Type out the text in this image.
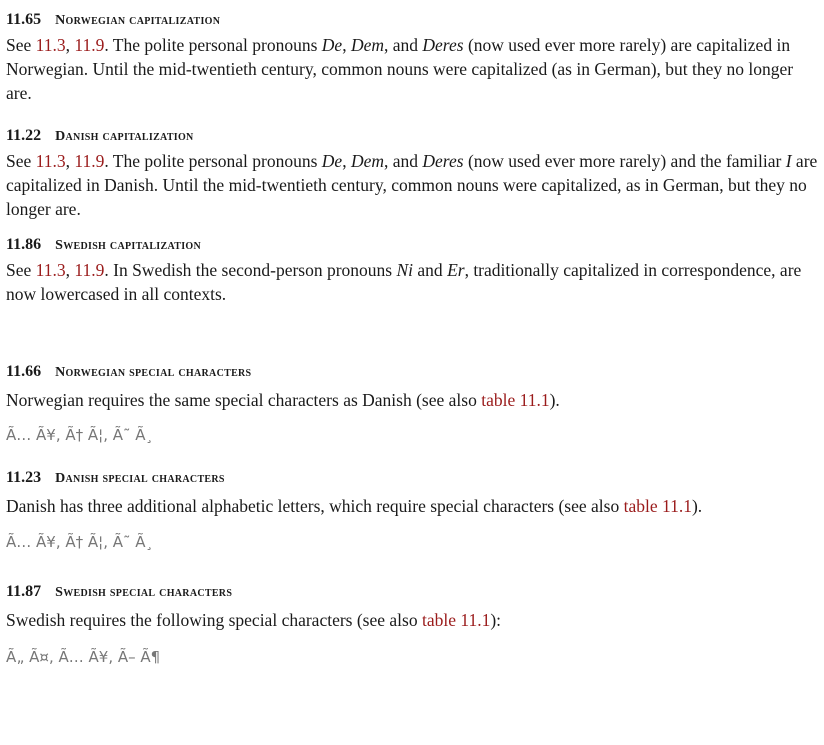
11.65 Norwegian capitalization
See 11.3, 11.9. The polite personal pronouns De, Dem, and Deres (now used ever more rarely) are capitalized in Norwegian. Until the mid-twentieth century, common nouns were capitalized (as in German), but they no longer are.
11.22 Danish capitalization
See 11.3, 11.9. The polite personal pronouns De, Dem, and Deres (now used ever more rarely) and the familiar I are capitalized in Danish. Until the mid-twentieth century, common nouns were capitalized, as in German, but they no longer are.
11.86 Swedish capitalization
See 11.3, 11.9. In Swedish the second-person pronouns Ni and Er, traditionally capitalized in correspondence, are now lowercased in all contexts.
11.66 Norwegian special characters
Norwegian requires the same special characters as Danish (see also table 11.1).
Ã… Ã¥, Ã† Ã¦, Ã˜ Ã¸
11.23 Danish special characters
Danish has three additional alphabetic letters, which require special characters (see also table 11.1).
Ã… Ã¥, Ã† Ã¦, Ã˜ Ã¸
11.87 Swedish special characters
Swedish requires the following special characters (see also table 11.1):
Ã„ Ã¤, Ã… Ã¥, Ã– Ã¶
